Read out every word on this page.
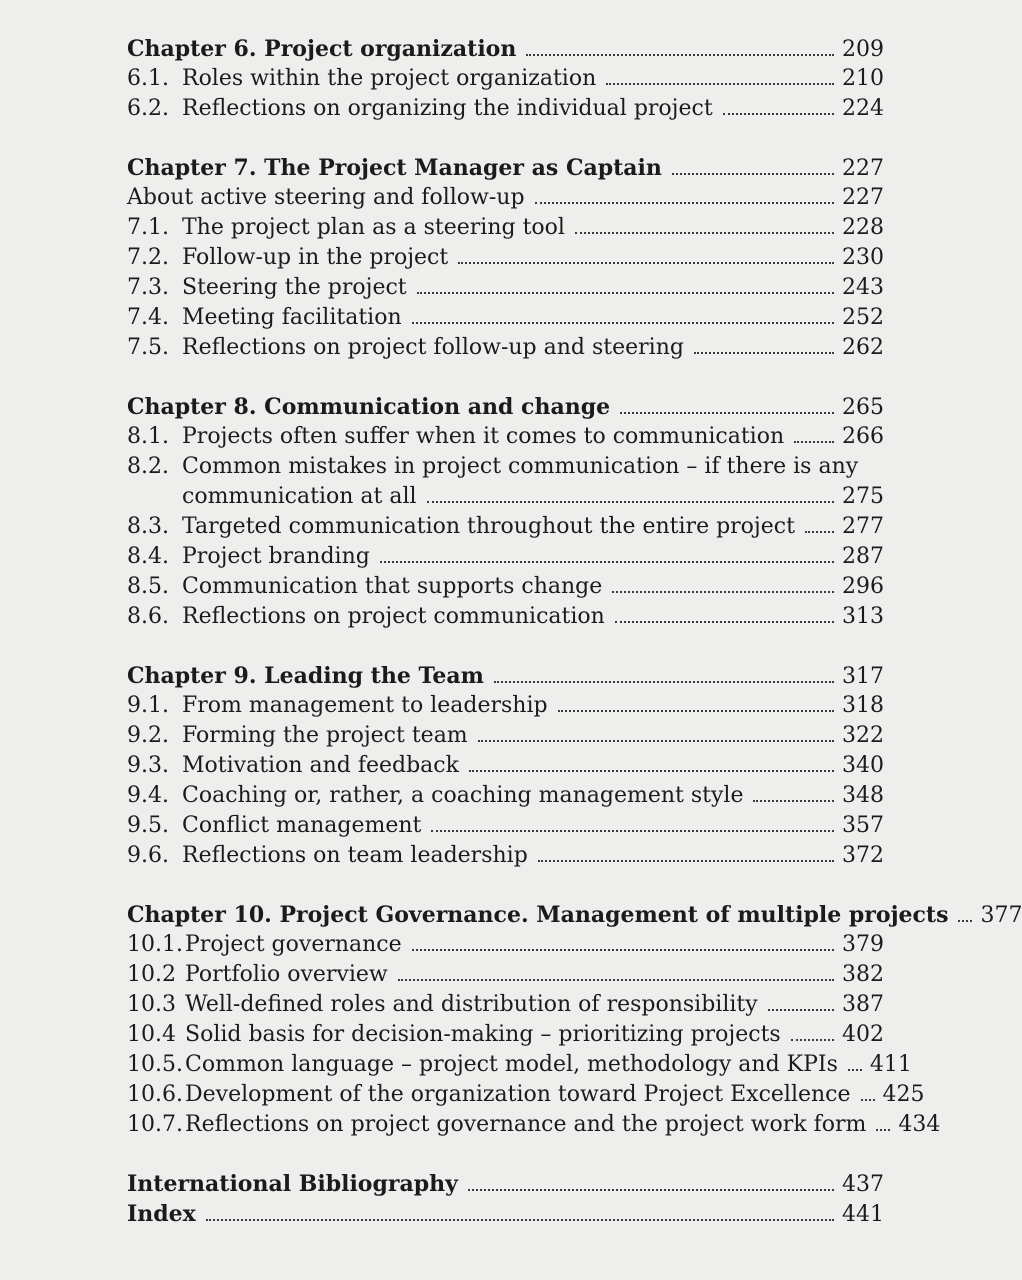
Chapter 6. Project organization	209
6.1. Roles within the project organization	210
6.2. Reflections on organizing the individual project	224
Chapter 7. The Project Manager as Captain	227
About active steering and follow-up	227
7.1. The project plan as a steering tool	228
7.2. Follow-up in the project	230
7.3. Steering the project	243
7.4. Meeting facilitation	252
7.5. Reflections on project follow-up and steering	262
Chapter 8. Communication and change	265
8.1. Projects often suffer when it comes to communication	266
8.2. Common mistakes in project communication – if there is any
communication at all	275
8.3. Targeted communication throughout the entire project	277
8.4. Project branding	287
8.5. Communication that supports change	296
8.6. Reflections on project communication	313
Chapter 9. Leading the Team	317
9.1. From management to leadership	318
9.2. Forming the project team	322
9.3. Motivation and feedback	340
9.4. Coaching or, rather, a coaching management style	348
9.5. Conflict management	357
9.6. Reflections on team leadership	372
Chapter 10. Project Governance. Management of multiple projects	377
10.1. Project governance	379
10.2 Portfolio overview	382
10.3 Well-defined roles and distribution of responsibility	387
10.4 Solid basis for decision-making – prioritizing projects	402
10.5. Common language – project model, methodology and KPIs	411
10.6. Development of the organization toward Project Excellence	425
10.7. Reflections on project governance and the project work form	434
International Bibliography	437
Index	441
